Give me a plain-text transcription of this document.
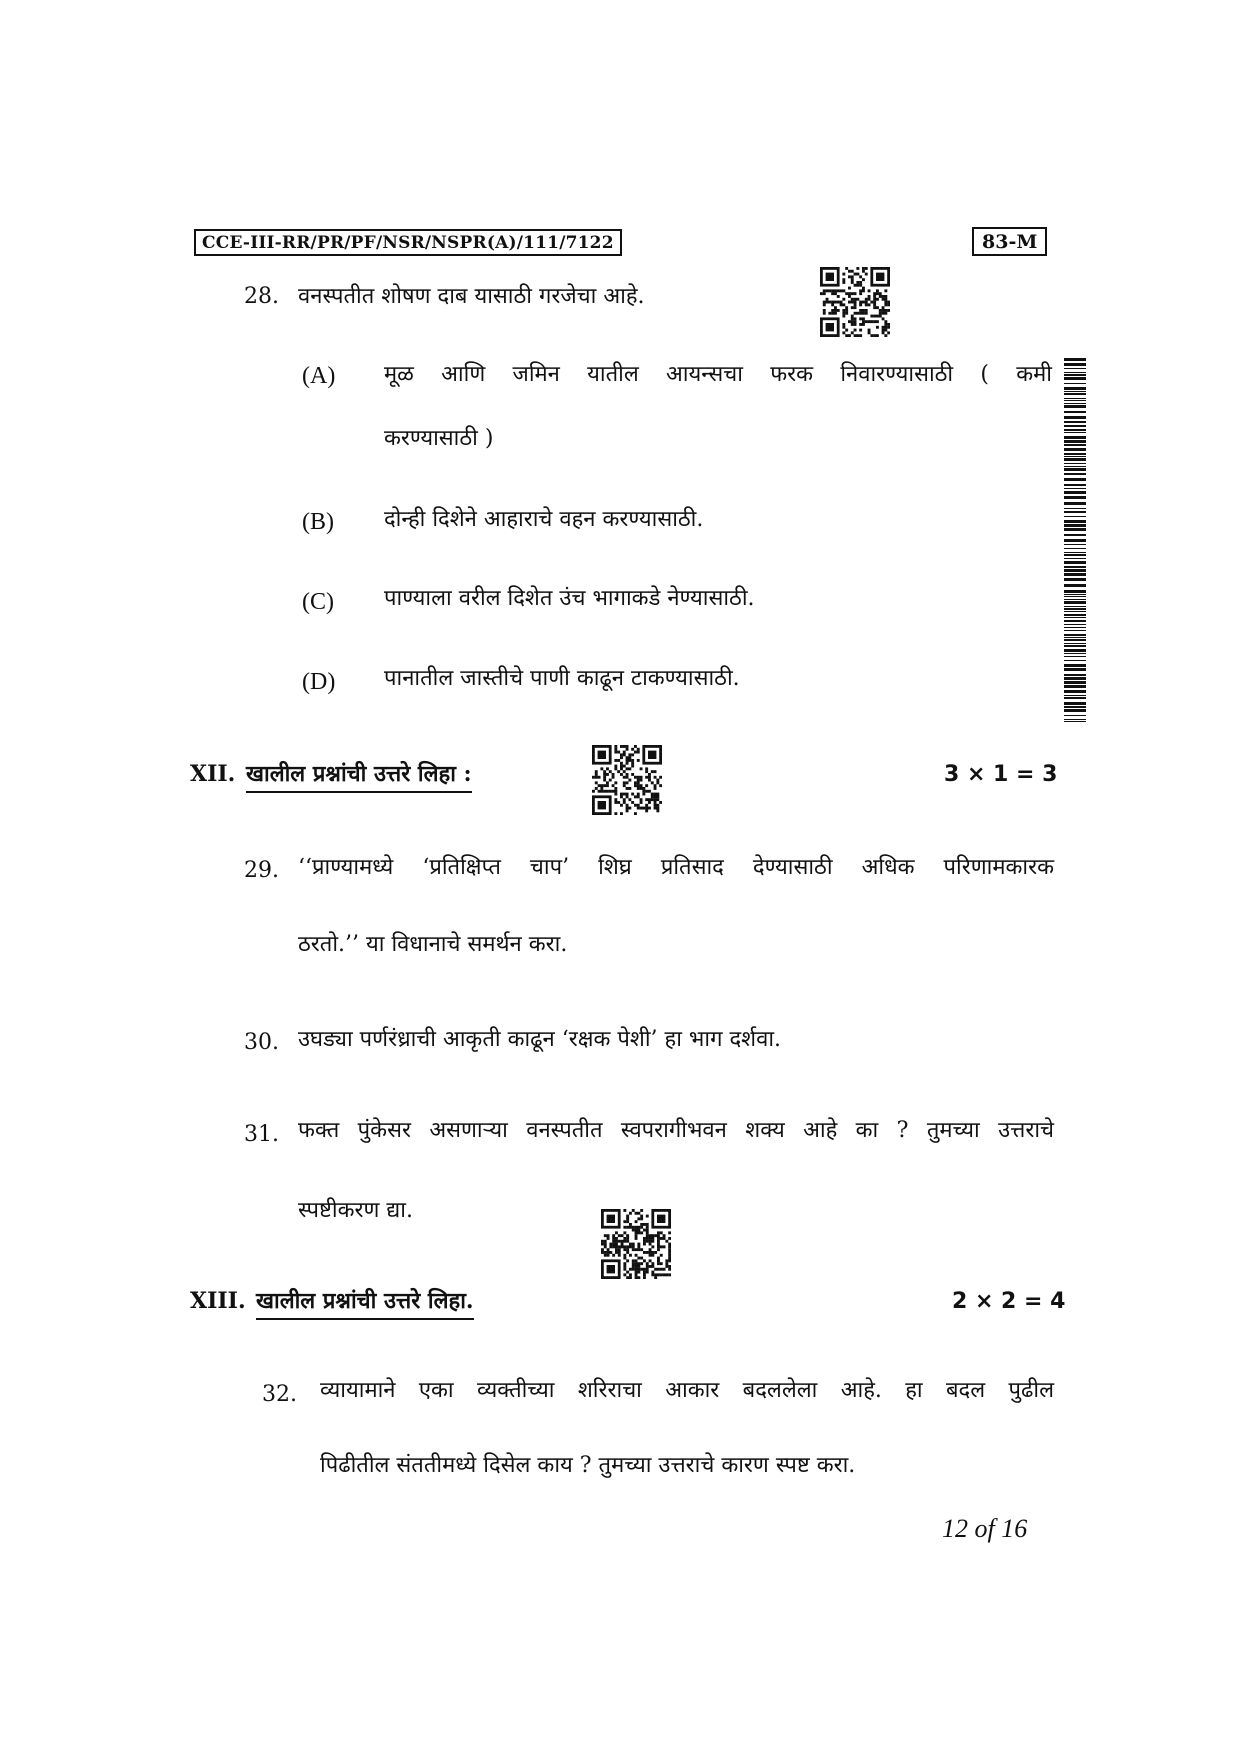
CCE-III-RR/PR/PF/NSR/NSPR(A)/111/7122	83-M
28. वनस्पतीत शोषण दाब यासाठी गरजेचा आहे.
(A) मूळ आणि जमिन यातील आयन्सचा फरक निवारण्यासाठी ( कमी
करण्यासाठी )
(B) दोन्ही दिशेने आहाराचे वहन करण्यासाठी.
(C) पाण्याला वरील दिशेत उंच भागाकडे नेण्यासाठी.
(D) पानातील जास्तीचे पाणी काढून टाकण्यासाठी.
XII. खालील प्रश्नांची उत्तरे लिहा :	3 × 1 = 3
29. ‘‘प्राण्यामध्ये ‘प्रतिक्षिप्त चाप’ शिघ्र प्रतिसाद देण्यासाठी अधिक परिणामकारक
ठरतो.’’ या विधानाचे समर्थन करा.
30. उघड्या पर्णरंध्राची आकृती काढून ‘रक्षक पेशी’ हा भाग दर्शवा.
31. फक्त पुंकेसर असणाऱ्या वनस्पतीत स्वपरागीभवन शक्य आहे का ? तुमच्या उत्तराचे
स्पष्टीकरण द्या.
XIII. खालील प्रश्नांची उत्तरे लिहा.	2 × 2 = 4
32. व्यायामाने एका व्यक्तीच्या शरिराचा आकार बदललेला आहे. हा बदल पुढील
पिढीतील संततीमध्ये दिसेल काय ? तुमच्या उत्तराचे कारण स्पष्ट करा.
12 of 16
